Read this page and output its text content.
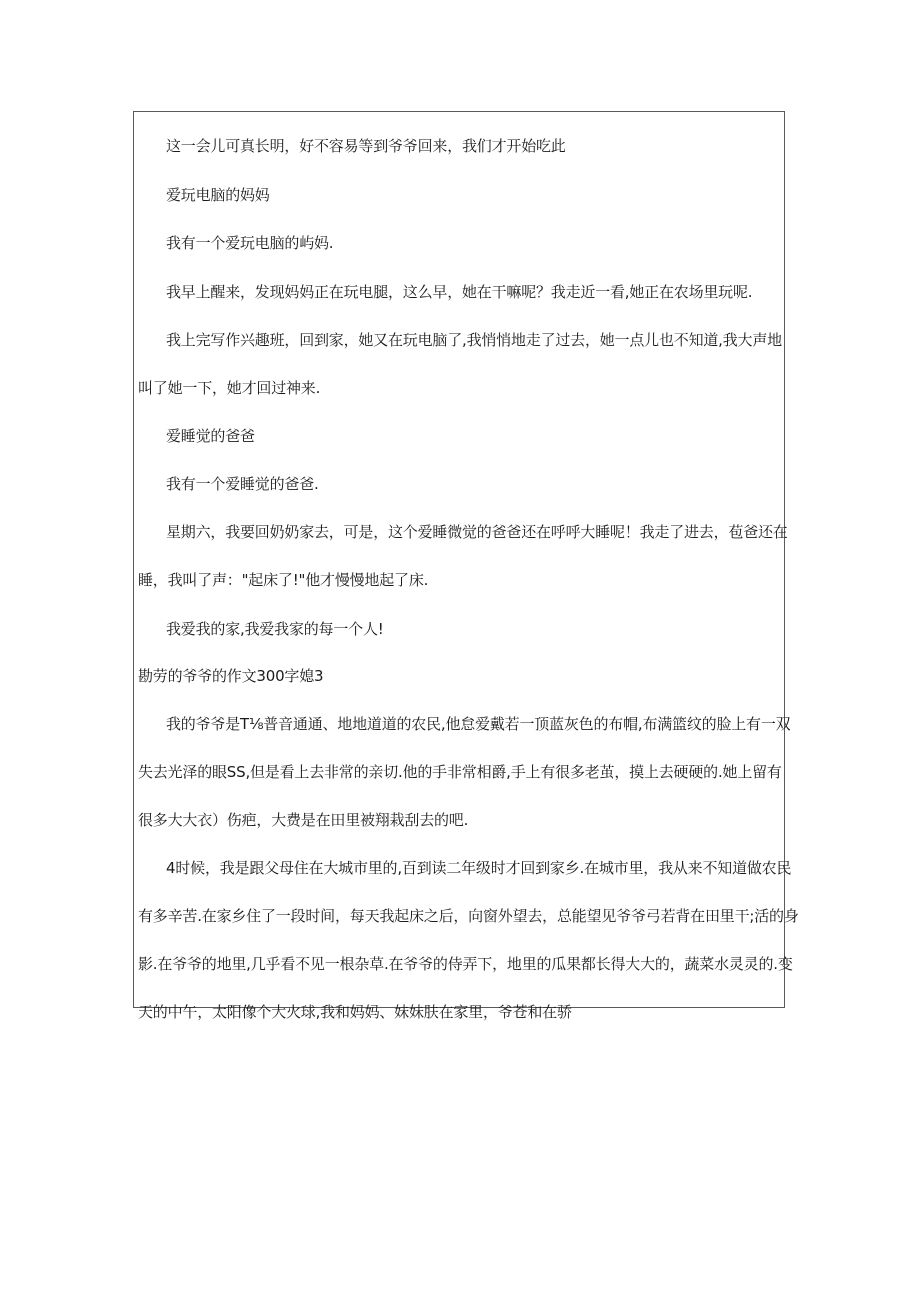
这一会儿可真长明，好不容易等到爷爷回来，我们才开始吃此

爱玩电脑的妈妈

我有一个爱玩电脑的屿妈.

我早上醒来，发现妈妈正在玩电腿，这么早，她在干嘛呢？我走近一看,她正在农场里玩呢.

我上完写作兴趣班，回到家，她又在玩电脑了,我悄悄地走了过去，她一点儿也不知道,我大声地

叫了她一下，她才回过神来.

爱睡觉的爸爸

我有一个爱睡觉的爸爸.

星期六，我要回奶奶家去，可是，这个爱睡微觉的爸爸还在呼呼大睡呢！我走了进去，苞爸还在

睡，我叫了声："起床了!"他才慢慢地起了床.

我爱我的家,我爱我家的每一个人!

勘劳的爷爷的作文300字媳3

我的爷爷是T⅛普音通通、地地道道的农民,他怠爱戴若一顶蓝灰色的布帽,布满篮纹的脸上有一双

失去光泽的眼SS,但是看上去非常的亲切.他的手非常相爵,手上有很多老茧，摸上去硬硬的.她上留有

很多大大衣）伤疤，大费是在田里被翔栽刮去的吧.

4时候，我是跟父母住在大城市里的,百到读二年级时才回到家乡.在城市里，我从来不知道做农民

有多辛苦.在家乡住了一段时间，每天我起床之后，向窗外望去，总能望见爷爷弓若背在田里干;活的身

影.在爷爷的地里,几乎看不见一根杂草.在爷爷的侍弄下，地里的瓜果都长得大大的，蔬菜水灵灵的.变

天的中午，太阳像个大火球,我和妈妈、妹妹肤在家里，爷苍和在骄
